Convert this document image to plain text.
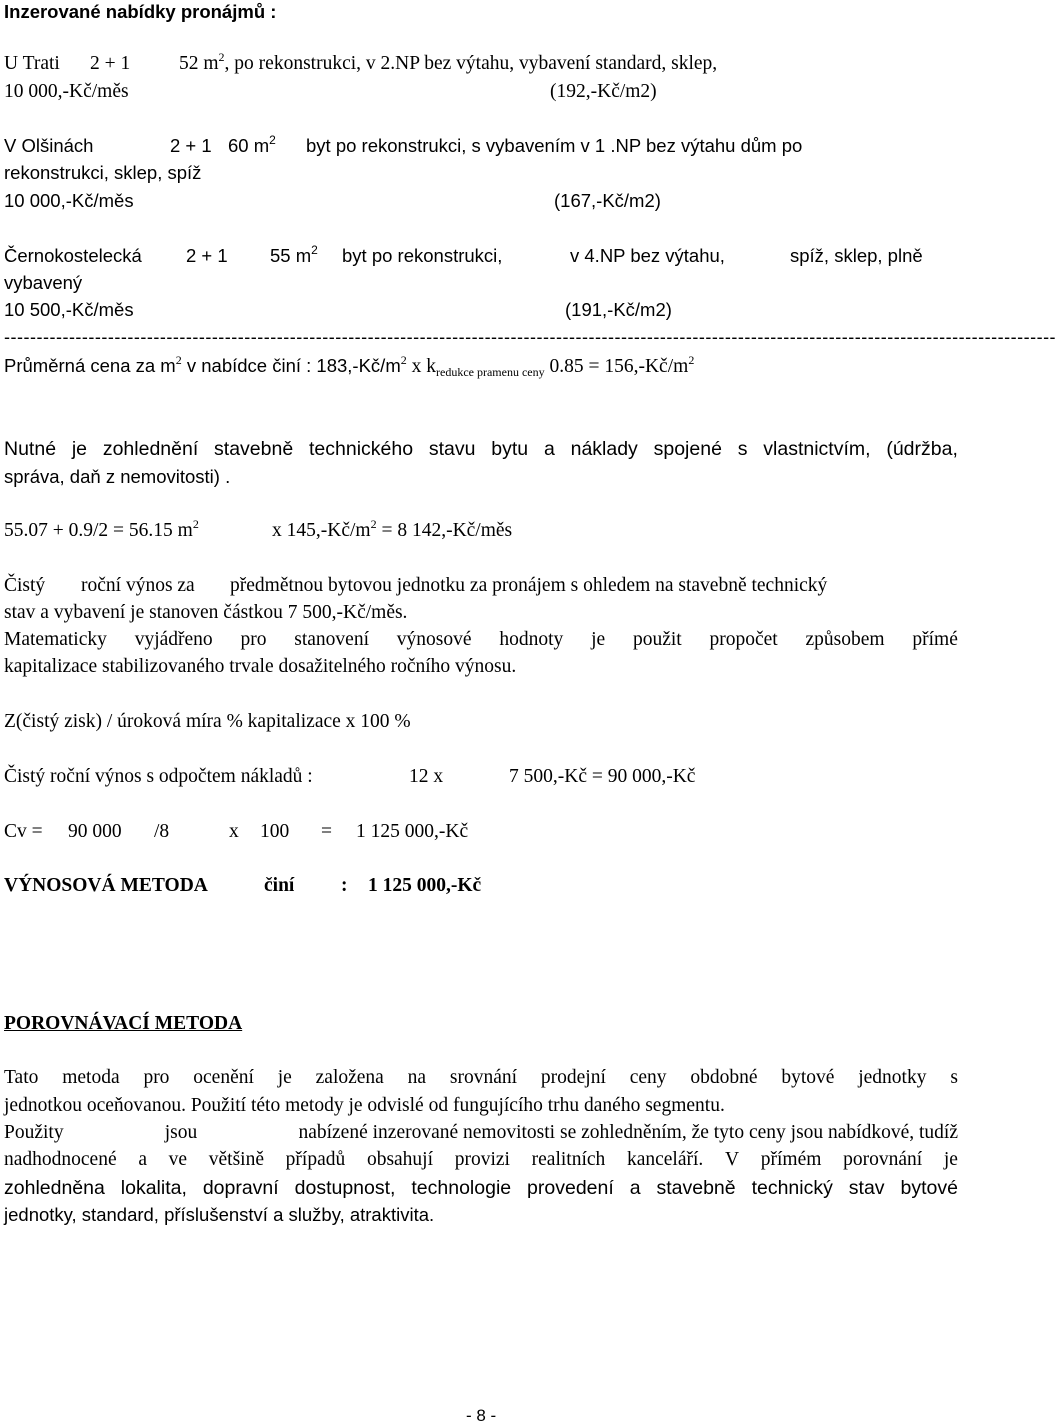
Inzerované nabídky pronájmů :
U Trati 2 + 1	52 $m^2$, po rekonstrukci, v 2.NP bez výtahu, vybavení standard, sklep,
10 000,-Kč/měs	(192,-Kč/m2)
V Olšinách	2 + 1 60 $m^2$ byt po rekonstrukci, s vybavením v 1 .NP bez výtahu dům po
rekonstrukci, sklep, spíž
10 000,-Kč/měs	(167,-Kč/m2)
Černokostelecká 2 + 1 55 $m^2$ byt po rekonstrukci,	v 4.NP bez výtahu,	spíž, sklep, plně
vybavený
10 500,-Kč/měs	(191,-Kč/m2)
------------------------------------------------------------------------------------------------------------------------------------------------------------------
Průměrná cena za $m^2$ v nabídce činí : $183,-Kč/m^2$ x $k_{redukce pramenu ceny}$ $0.85 = 156,-Kč/m^2$
Nutné je zohlednění stavebně technického stavu bytu a náklady spojené s vlastnictvím, (údržba,
správa, daň z nemovitosti) .
55.07 + 0.9/2 = 56.15 $m^2$	x $145,-Kč/m^2 = 8$ 142,-Kč/měs
Čistý roční výnos za předmětnou bytovou jednotku za pronájem s ohledem na stavebně technický
stav a vybavení je stanoven částkou 7 500,-Kč/měs.
Matematicky vyjádřeno pro stanovení výnosové hodnoty je použit propočet způsobem přímé
kapitalizace stabilizovaného trvale dosažitelného ročního výnosu.
Z(čistý zisk) / úroková míra % kapitalizace x 100 %
Čistý roční výnos s odpočtem nákladů :	12 x	7 500,-Kč = 90 000,-Kč
Cv = 90 000 /8	x 100 = 1 125 000,-Kč
VÝNOSOVÁ METODA	činí : 1 125 000,-Kč
POROVNÁVACÍ METODA
Tato metoda pro ocenění je založena na srovnání prodejní ceny obdobné bytové jednotky s
jednotkou oceňovanou. Použití této metody je odvislé od fungujícího trhu daného segmentu.
Použity	jsou	nabízené inzerované nemovitosti se zohledněním, že tyto ceny jsou nabídkové, tudíž
nadhodnocené a ve většině případů obsahují provizi realitních kanceláří. V přímém porovnání je
zohledněna lokalita, dopravní dostupnost, technologie provedení a stavebně technický stav bytové
jednotky, standard, příslušenství a služby, atraktivita.
- 8 -
